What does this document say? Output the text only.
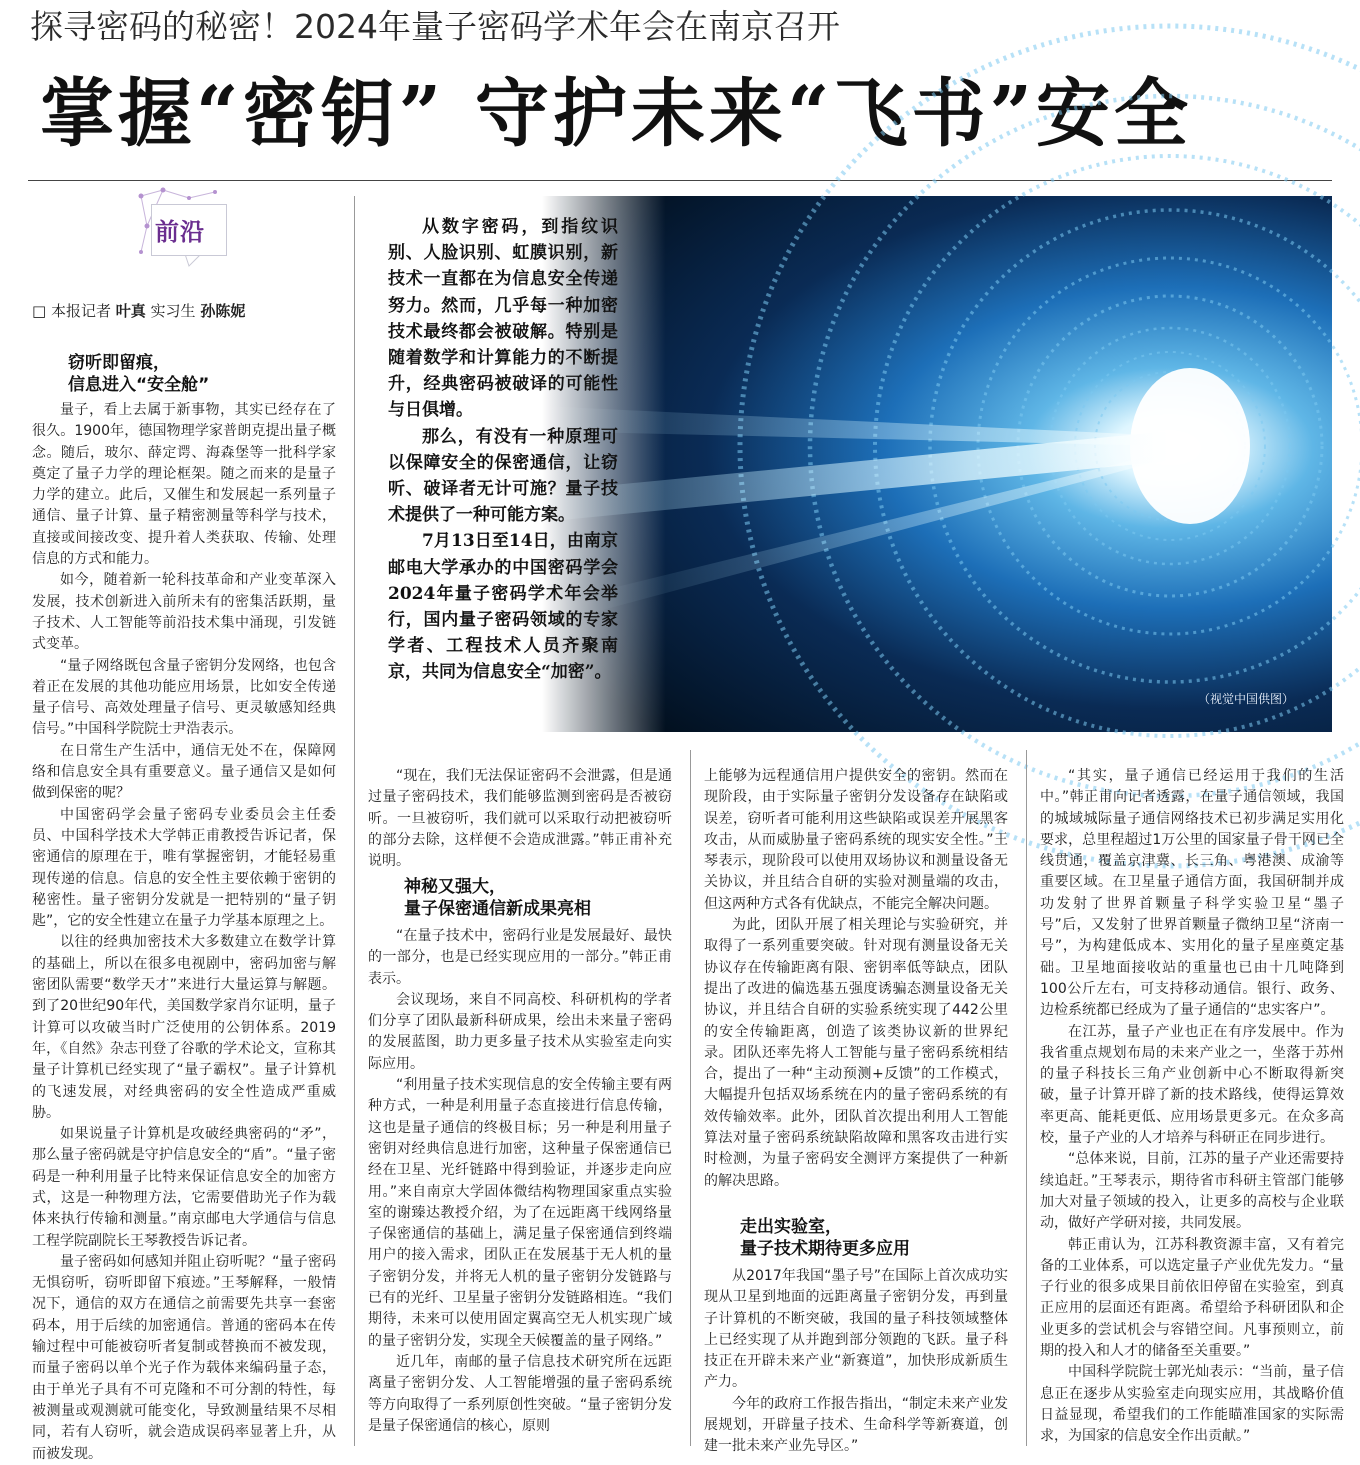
探寻密码的秘密！2024年量子密码学术年会在南京召开
掌握“密钥” 守护未来“飞书”安全
前沿
□ 本报记者 叶真 实习生 孙陈妮

从数字密码，到指纹识别、人脸识别、虹膜识别，新技术一直都在为信息安全传递努力。然而，几乎每一种加密技术最终都会被破解。特别是随着数学和计算能力的不断提升，经典密码被破译的可能性与日俱增。

那么，有没有一种原理可以保障安全的保密通信，让窃听、破译者无计可施？量子技术提供了一种可能方案。

7月13日至14日，由南京邮电大学承办的中国密码学会2024年量子密码学术年会举行，国内量子密码领域的专家学者、工程技术人员齐聚南京，共同为信息安全“加密”。

（视觉中国供图）
窃听即留痕，
信息进入“安全舱”

量子，看上去属于新事物，其实已经存在了很久。1900年，德国物理学家普朗克提出量子概念。随后，玻尔、薛定谔、海森堡等一批科学家奠定了量子力学的理论框架。随之而来的是量子力学的建立。此后，又催生和发展起一系列量子通信、量子计算、量子精密测量等科学与技术，直接或间接改变、提升着人类获取、传输、处理信息的方式和能力。

如今，随着新一轮科技革命和产业变革深入发展，技术创新进入前所未有的密集活跃期，量子技术、人工智能等前沿技术集中涌现，引发链式变革。

“量子网络既包含量子密钥分发网络，也包含着正在发展的其他功能应用场景，比如安全传递量子信号、高效处理量子信号、更灵敏感知经典信号。”中国科学院院士尹浩表示。

在日常生产生活中，通信无处不在，保障网络和信息安全具有重要意义。量子通信又是如何做到保密的呢？

中国密码学会量子密码专业委员会主任委员、中国科学技术大学韩正甫教授告诉记者，保密通信的原理在于，唯有掌握密钥，才能轻易重现传递的信息。信息的安全性主要依赖于密钥的秘密性。量子密钥分发就是一把特别的“量子钥匙”，它的安全性建立在量子力学基本原理之上。

以往的经典加密技术大多数建立在数学计算的基础上，所以在很多电视剧中，密码加密与解密团队需要“数学天才”来进行大量运算与解题。到了20世纪90年代，美国数学家肖尔证明，量子计算可以攻破当时广泛使用的公钥体系。2019年，《自然》杂志刊登了谷歌的学术论文，宣称其量子计算机已经实现了“量子霸权”。量子计算机的飞速发展，对经典密码的安全性造成严重威胁。

如果说量子计算机是攻破经典密码的“矛”，那么量子密码就是守护信息安全的“盾”。“量子密码是一种利用量子比特来保证信息安全的加密方式，这是一种物理方法，它需要借助光子作为载体来执行传输和测量。”南京邮电大学通信与信息工程学院副院长王琴教授告诉记者。

量子密码如何感知并阻止窃听呢？“量子密码无惧窃听，窃听即留下痕迹。”王琴解释，一般情况下，通信的双方在通信之前需要先共享一套密码本，用于后续的加密通信。普通的密码本在传输过程中可能被窃听者复制或替换而不被发现，而量子密码以单个光子作为载体来编码量子态，由于单光子具有不可克隆和不可分割的特性，每被测量或观测就可能变化，导致测量结果不尽相同，若有人窃听，就会造成误码率显著上升，从而被发现。

“现在，我们无法保证密码不会泄露，但是通过量子密码技术，我们能够监测到密码是否被窃听。一旦被窃听，我们就可以采取行动把被窃听的部分去除，这样便不会造成泄露。”韩正甫补充说明。

神秘又强大，
量子保密通信新成果亮相

“在量子技术中，密码行业是发展最好、最快的一部分，也是已经实现应用的一部分。”韩正甫表示。

会议现场，来自不同高校、科研机构的学者们分享了团队最新科研成果，绘出未来量子密码的发展蓝图，助力更多量子技术从实验室走向实际应用。

“利用量子技术实现信息的安全传输主要有两种方式，一种是利用量子态直接进行信息传输，这也是量子通信的终极目标；另一种是利用量子密钥对经典信息进行加密，这种量子保密通信已经在卫星、光纤链路中得到验证，并逐步走向应用。”来自南京大学固体微结构物理国家重点实验室的谢臻达教授介绍，为了在远距离干线网络量子保密通信的基础上，满足量子保密通信到终端用户的接入需求，团队正在发展基于无人机的量子密钥分发，并将无人机的量子密钥分发链路与已有的光纤、卫星量子密钥分发链路相连。“我们期待，未来可以使用固定翼高空无人机实现广域的量子密钥分发，实现全天候覆盖的量子网络。”

近几年，南邮的量子信息技术研究所在远距离量子密钥分发、人工智能增强的量子密码系统等方向取得了一系列原创性突破。“量子密钥分发是量子保密通信的核心，原则

上能够为远程通信用户提供安全的密钥。然而在现阶段，由于实际量子密钥分发设备存在缺陷或误差，窃听者可能利用这些缺陷或误差开展黑客攻击，从而威胁量子密码系统的现实安全性。”王琴表示，现阶段可以使用双场协议和测量设备无关协议，并且结合自研的实验对测量端的攻击，但这两种方式各有优缺点，不能完全解决问题。

为此，团队开展了相关理论与实验研究，并取得了一系列重要突破。针对现有测量设备无关协议存在传输距离有限、密钥率低等缺点，团队提出了改进的偏选基五强度诱骗态测量设备无关协议，并且结合自研的实验系统实现了442公里的安全传输距离，创造了该类协议新的世界纪录。团队还率先将人工智能与量子密码系统相结合，提出了一种“主动预测+反馈”的工作模式，大幅提升包括双场系统在内的量子密码系统的有效传输效率。此外，团队首次提出利用人工智能算法对量子密码系统缺陷故障和黑客攻击进行实时检测，为量子密码安全测评方案提供了一种新的解决思路。

走出实验室，
量子技术期待更多应用

从2017年我国“墨子号”在国际上首次成功实现从卫星到地面的远距离量子密钥分发，再到量子计算机的不断突破，我国的量子科技领域整体上已经实现了从并跑到部分领跑的飞跃。量子科技正在开辟未来产业“新赛道”，加快形成新质生产力。

今年的政府工作报告指出，“制定未来产业发展规划，开辟量子技术、生命科学等新赛道，创建一批未来产业先导区。”

“其实，量子通信已经运用于我们的生活中。”韩正甫向记者透露，在量子通信领域，我国的城域城际量子通信网络技术已初步满足实用化要求，总里程超过1万公里的国家量子骨干网已全线贯通，覆盖京津冀、长三角、粤港澳、成渝等重要区域。在卫星量子通信方面，我国研制并成功发射了世界首颗量子科学实验卫星“墨子号”后，又发射了世界首颗量子微纳卫星“济南一号”，为构建低成本、实用化的量子星座奠定基础。卫星地面接收站的重量也已由十几吨降到100公斤左右，可支持移动通信。银行、政务、边检系统都已经成为了量子通信的“忠实客户”。

在江苏，量子产业也正在有序发展中。作为我省重点规划布局的未来产业之一，坐落于苏州的量子科技长三角产业创新中心不断取得新突破，量子计算开辟了新的技术路线，使得运算效率更高、能耗更低、应用场景更多元。在众多高校，量子产业的人才培养与科研正在同步进行。

“总体来说，目前，江苏的量子产业还需要持续追赶。”王琴表示，期待省市科研主管部门能够加大对量子领域的投入，让更多的高校与企业联动，做好产学研对接，共同发展。

韩正甫认为，江苏科教资源丰富，又有着完备的工业体系，可以选定量子产业优先发力。“量子行业的很多成果目前依旧停留在实验室，到真正应用的层面还有距离。希望给予科研团队和企业更多的尝试机会与容错空间。凡事预则立，前期的投入和人才的储备至关重要。”

中国科学院院士郭光灿表示：“当前，量子信息正在逐步从实验室走向现实应用，其战略价值日益显现，希望我们的工作能瞄准国家的实际需求，为国家的信息安全作出贡献。”
